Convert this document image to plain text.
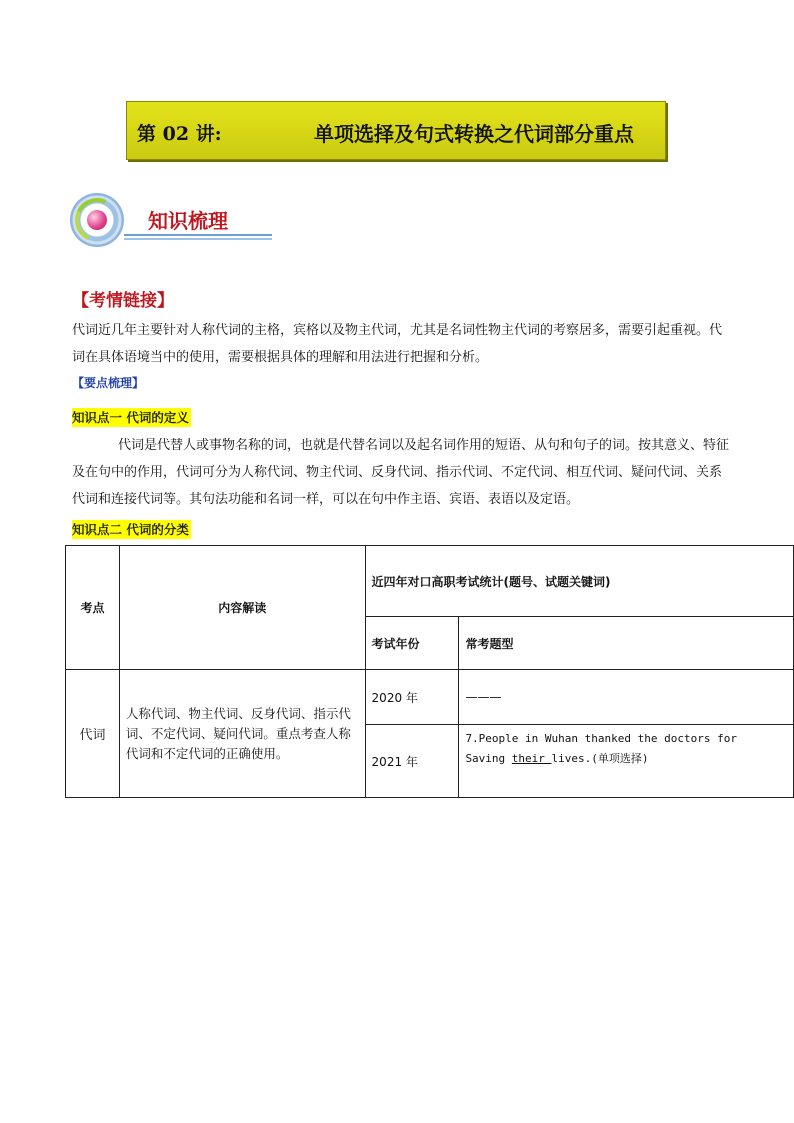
第 02 讲:	单项选择及句式转换之代词部分重点
知识梳理
【考情链接】
代词近几年主要针对人称代词的主格，宾格以及物主代词，尤其是名词性物主代词的考察居多，需要引起重视。代词在具体语境当中的使用，需要根据具体的理解和用法进行把握和分析。
【要点梳理】
知识点一 代词的定义
代词是代替人或事物名称的词，也就是代替名词以及起名词作用的短语、从句和句子的词。按其意义、特征及在句中的作用，代词可分为人称代词、物主代词、反身代词、指示代词、不定代词、相互代词、疑问代词、关系代词和连接代词等。其句法功能和名词一样，可以在句中作主语、宾语、表语以及定语。
知识点二 代词的分类
考点	内容解读	近四年对口高职考试统计(题号、试题关键词)	
		考试年份	常考题型
代词	人称代词、物主代词、反身代词、指示代词、不定代词、疑问代词。重点考查人称代词和不定代词的正确使用。	2020 年	———
		2021 年	7.People in Wuhan thanked the doctors for
Saving their lives.(单项选择)
